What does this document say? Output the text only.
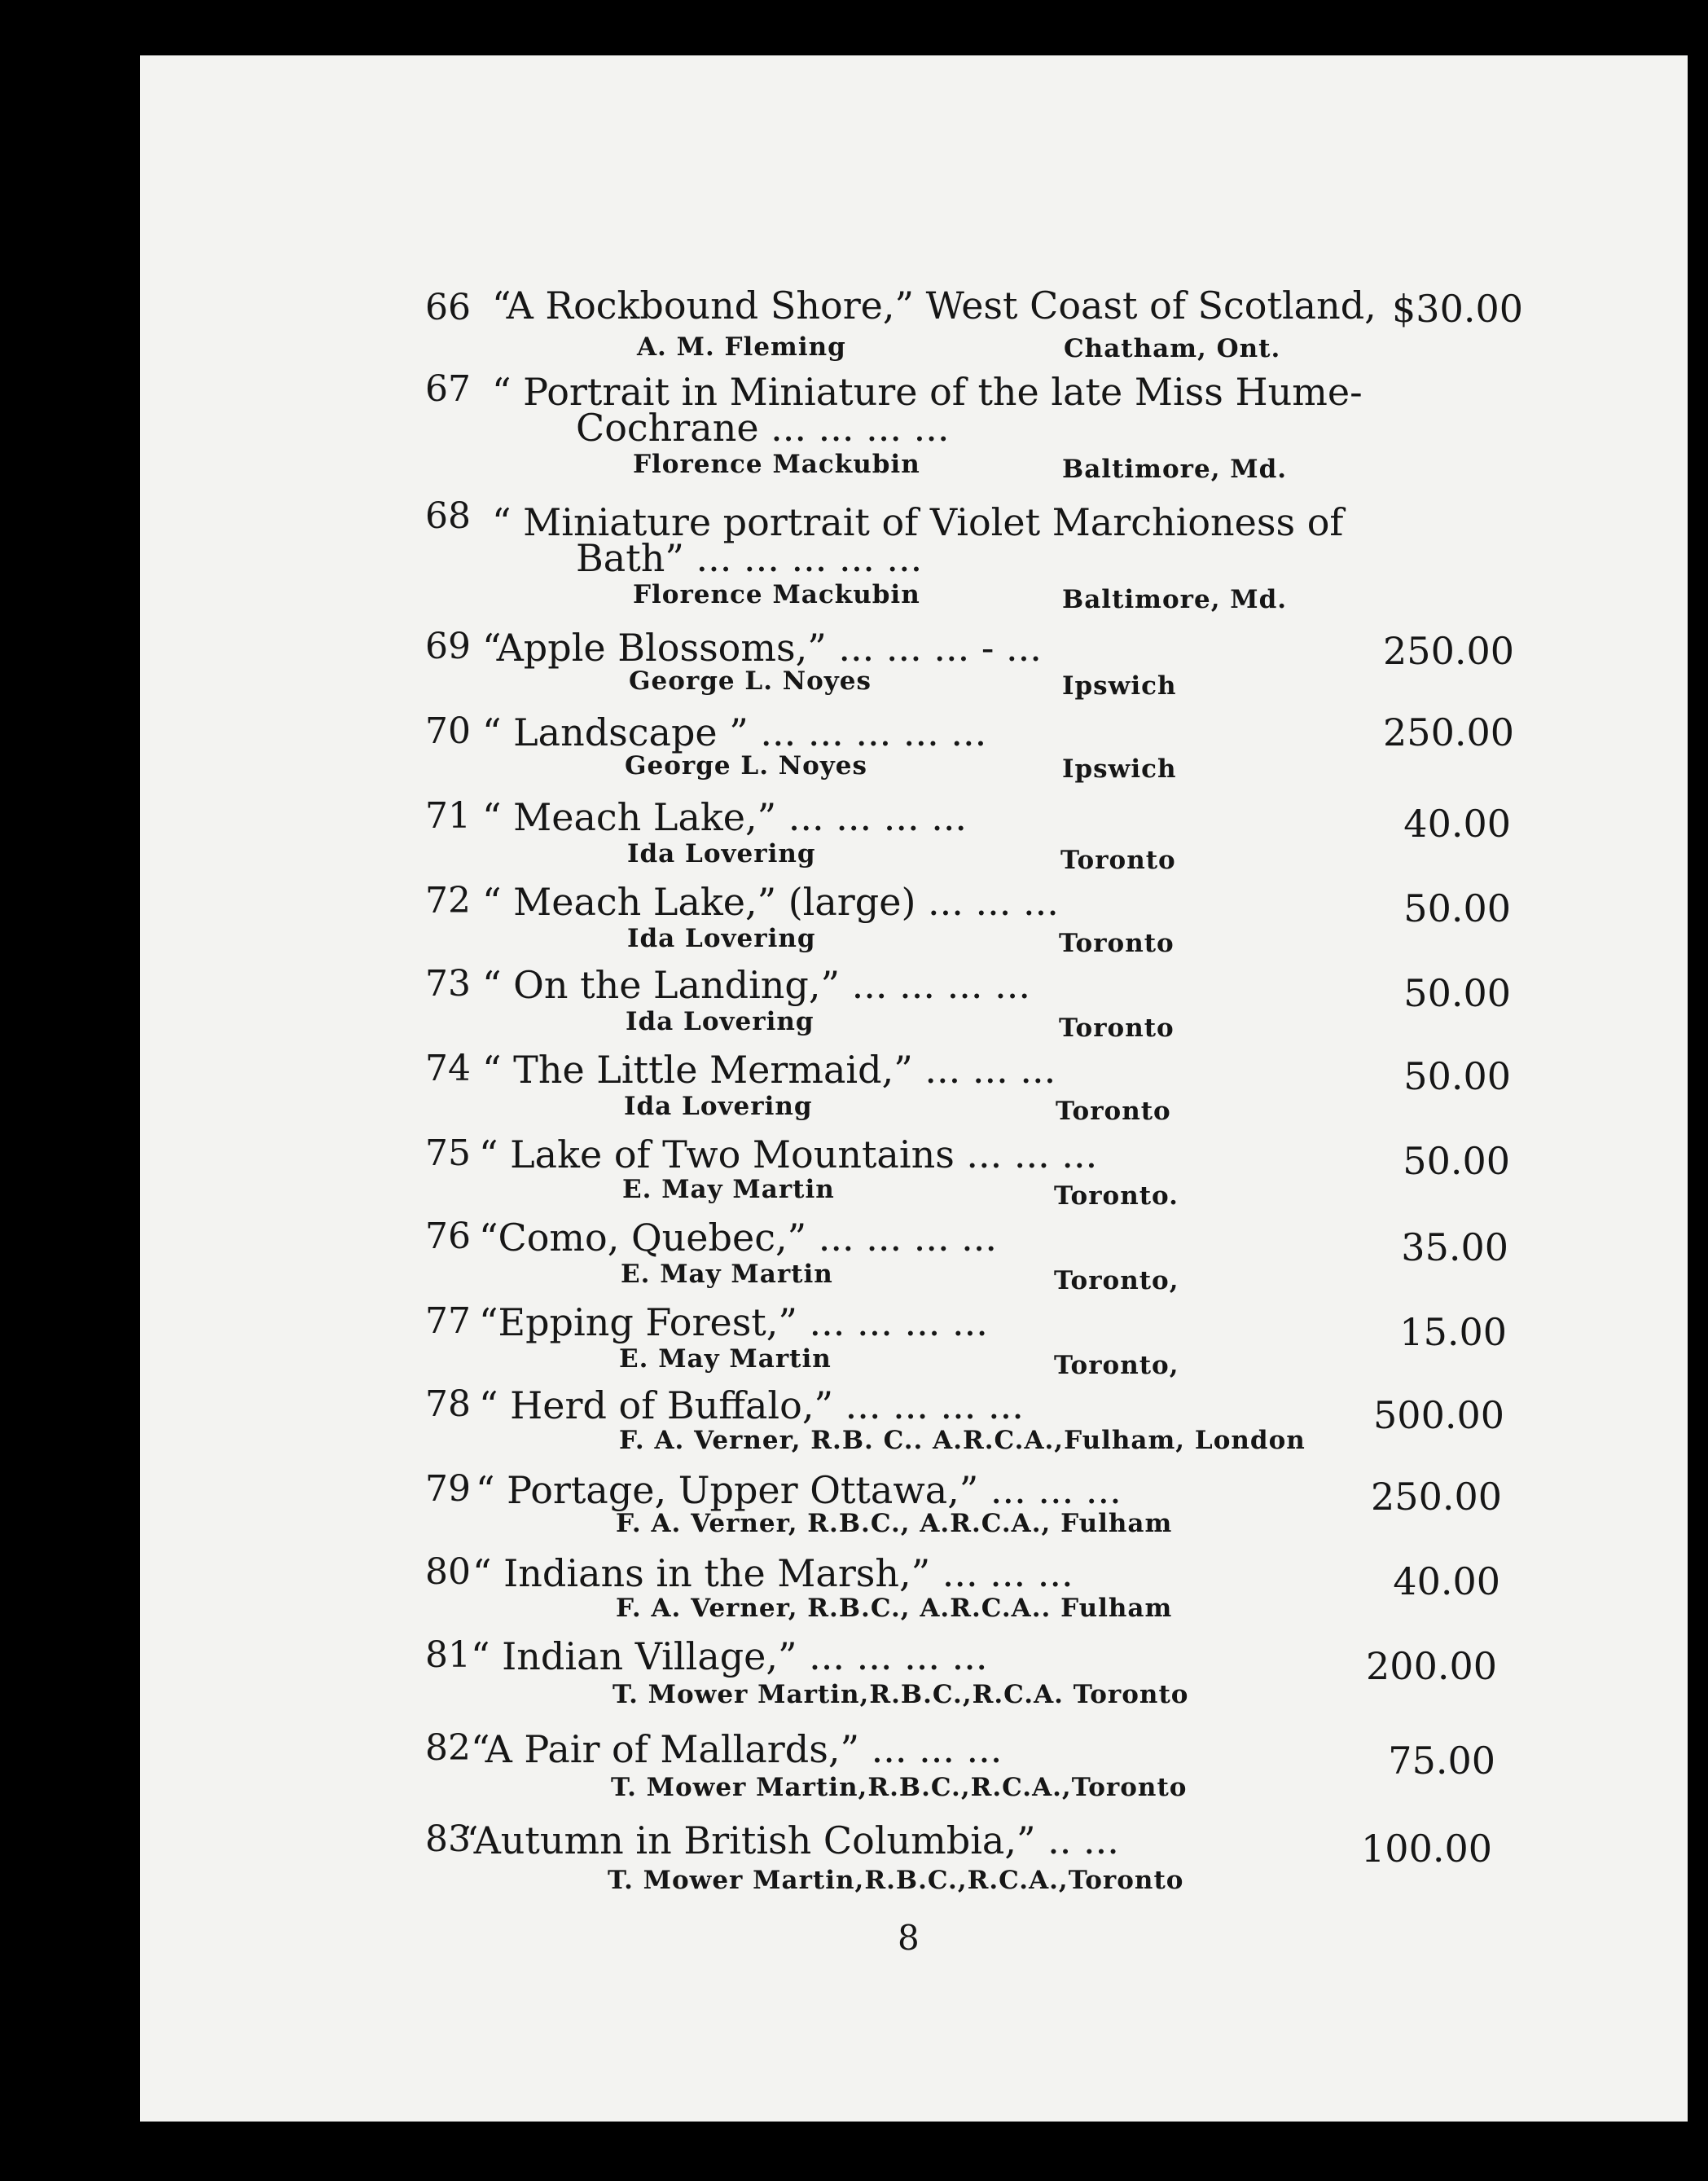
66 “A Rockbound Shore,” West Coast of Scotland, $30.00
A. M. Fleming	Chatham, Ont.
67 “ Portrait in Miniature of the late Miss Hume-
Cochrane ... ... ... ...
Florence Mackubin	Baltimore, Md.
68 “ Miniature portrait of Violet Marchioness of
Bath” ... ... ... ... ...
Florence Mackubin	Baltimore, Md.
69 “Apple Blossoms,” ... ... ... - ...	250.00
George L. Noyes	Ipswich
70 “ Landscape ” ... ... ... ... ...	250.00
George L. Noyes	Ipswich
71 “ Meach Lake,” ... ... ... ...	40.00
Ida Lovering	Toronto
72 “ Meach Lake,” (large) ... ... ...	50.00
Ida Lovering	Toronto
73 “ On the Landing,” ... ... ... ...	50.00
Ida Lovering	Toronto
74 “ The Little Mermaid,” ... ... ...	50.00
Ida Lovering	Toronto
75 “ Lake of Two Mountains ... ... ...	50.00
E. May Martin	Toronto.
76 “Como, Quebec,” ... ... ... ...	35.00
E. May Martin	Toronto,
77 “Epping Forest,” ... ... ... ...	15.00
E. May Martin	Toronto,
78 “ Herd of Buffalo,” ... ... ... ...	500.00
F. A. Verner, R.B. C.. A.R.C.A.,Fulham, London
79 “ Portage, Upper Ottawa,” ... ... ...	250.00
F. A. Verner, R.B.C., A.R.C.A., Fulham
80 “ Indians in the Marsh,” ... ... ...	40.00
F. A. Verner, R.B.C., A.R.C.A.. Fulham
81 “ Indian Village,” ... ... ... ...	200.00
T. Mower Martin,R.B.C.,R.C.A. Toronto
82 “A Pair of Mallards,” ... ... ...	75.00
T. Mower Martin,R.B.C.,R.C.A.,Toronto
83
“Autumn in British Columbia,” .. ...	100.00
T. Mower Martin,R.B.C.,R.C.A.,Toronto
8
